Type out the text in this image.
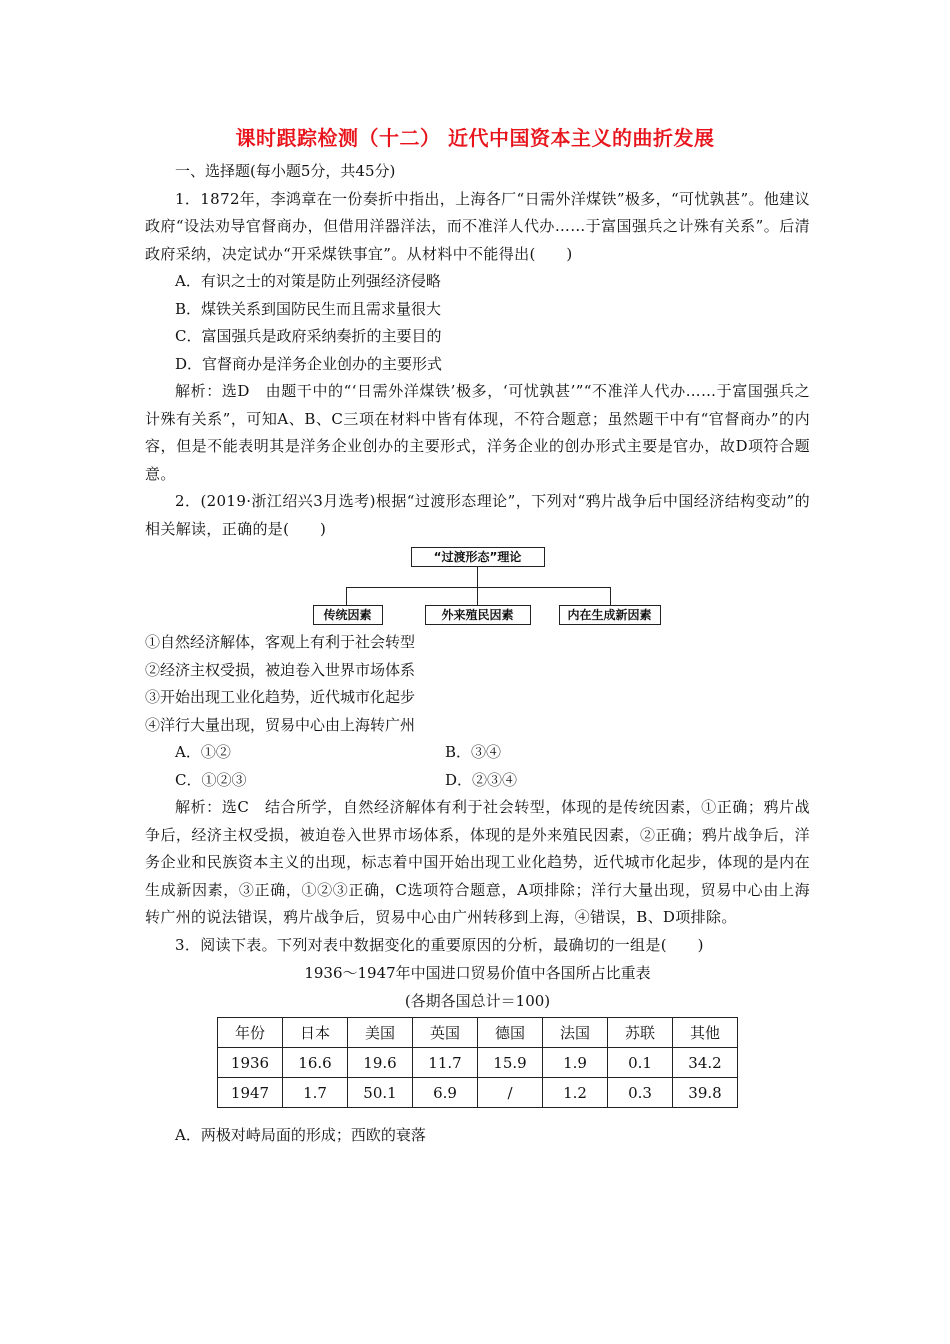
课时跟踪检测（十二） 近代中国资本主义的曲折发展
一、选择题(每小题5分，共45分)
1．1872年，李鸿章在一份奏折中指出，上海各厂“日需外洋煤铁”极多，“可忧孰甚”。他建议政府“设法劝导官督商办，但借用洋器洋法，而不准洋人代办……于富国强兵之计殊有关系”。后清政府采纳，决定试办“开采煤铁事宜”。从材料中不能得出(　　)
A．有识之士的对策是防止列强经济侵略
B．煤铁关系到国防民生而且需求量很大
C．富国强兵是政府采纳奏折的主要目的
D．官督商办是洋务企业创办的主要形式
解析：选D　由题干中的“‘日需外洋煤铁’极多，‘可忧孰甚’”“不准洋人代办……于富国强兵之计殊有关系”，可知A、B、C三项在材料中皆有体现，不符合题意；虽然题干中有“官督商办”的内容，但是不能表明其是洋务企业创办的主要形式，洋务企业的创办形式主要是官办，故D项符合题意。
2．(2019·浙江绍兴3月选考)根据“过渡形态理论”，下列对“鸦片战争后中国经济结构变动”的相关解读，正确的是(　　)
“过渡形态”理论
传统因素	外来殖民因素	内在生成新因素
①自然经济解体，客观上有利于社会转型
②经济主权受损，被迫卷入世界市场体系
③开始出现工业化趋势，近代城市化起步
④洋行大量出现，贸易中心由上海转广州
A．①②	B．③④
C．①②③	D．②③④
解析：选C　结合所学，自然经济解体有利于社会转型，体现的是传统因素，①正确；鸦片战争后，经济主权受损，被迫卷入世界市场体系，体现的是外来殖民因素，②正确；鸦片战争后，洋务企业和民族资本主义的出现，标志着中国开始出现工业化趋势，近代城市化起步，体现的是内在生成新因素，③正确，①②③正确，C选项符合题意，A项排除；洋行大量出现，贸易中心由上海转广州的说法错误，鸦片战争后，贸易中心由广州转移到上海，④错误，B、D项排除。
3．阅读下表。下列对表中数据变化的重要原因的分析，最确切的一组是(　　)
1936～1947年中国进口贸易价值中各国所占比重表
(各期各国总计＝100)
年份	日本	美国	英国	德国	法国	苏联	其他
1936	16.6	19.6	11.7	15.9	1.9	0.1	34.2
1947	1.7	50.1	6.9	/	1.2	0.3	39.8
A．两极对峙局面的形成；西欧的衰落
